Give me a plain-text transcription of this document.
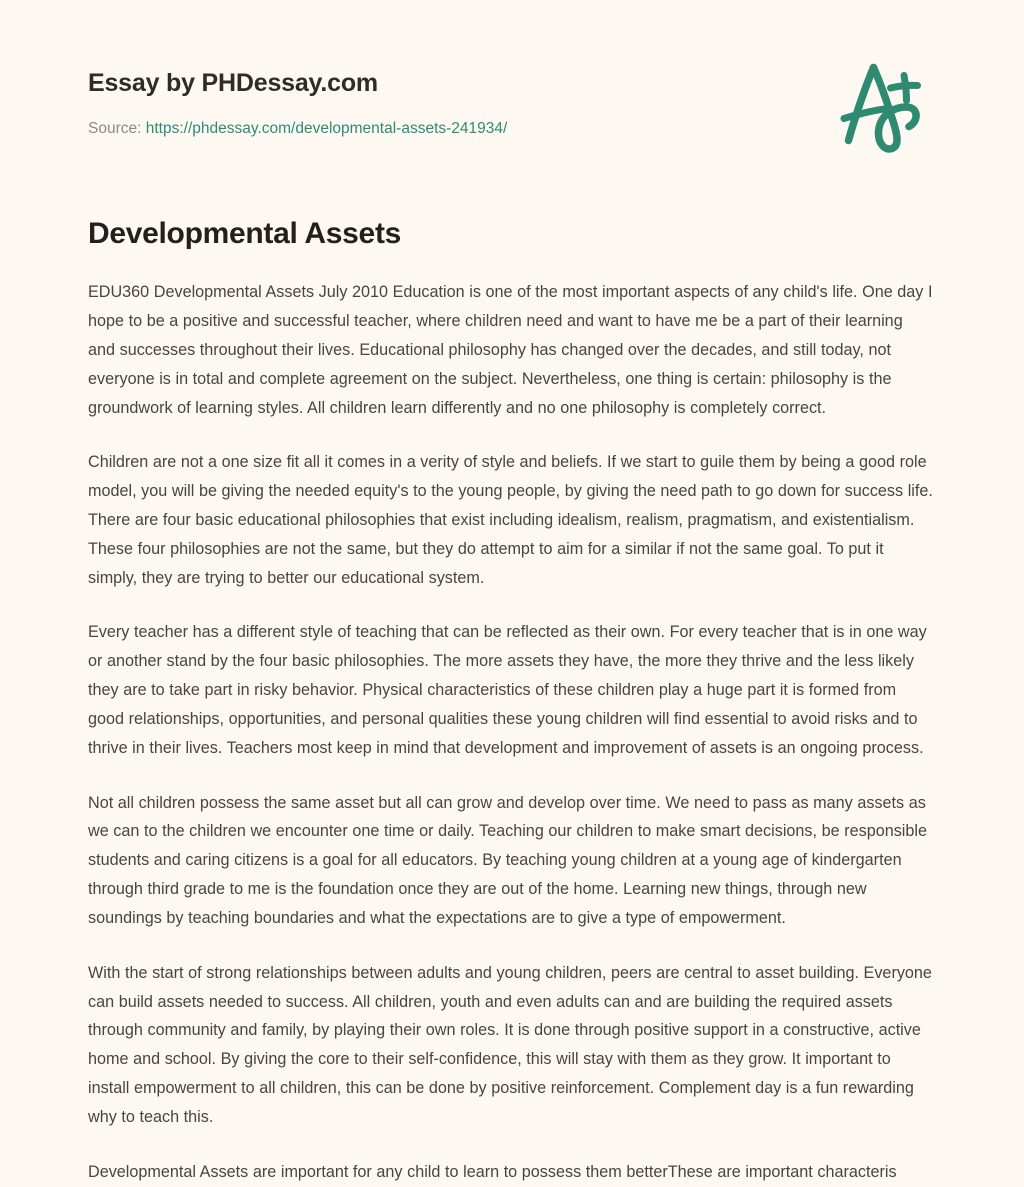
Essay by PHDessay.com
Source: https://phdessay.com/developmental-assets-241934/
Developmental Assets

EDU360 Developmental Assets July 2010 Education is one of the most important aspects of any child's life. One day I hope to be a positive and successful teacher, where children need and want to have me be a part of their learning and successes throughout their lives. Educational philosophy has changed over the decades, and still today, not everyone is in total and complete agreement on the subject. Nevertheless, one thing is certain: philosophy is the groundwork of learning styles. All children learn differently and no one philosophy is completely correct.

Children are not a one size fit all it comes in a verity of style and beliefs. If we start to guile them by being a good role model, you will be giving the needed equity's to the young people, by giving the need path to go down for success life. There are four basic educational philosophies that exist including idealism, realism, pragmatism, and existentialism. These four philosophies are not the same, but they do attempt to aim for a similar if not the same goal. To put it simply, they are trying to better our educational system.

Every teacher has a different style of teaching that can be reflected as their own. For every teacher that is in one way or another stand by the four basic philosophies. The more assets they have, the more they thrive and the less likely they are to take part in risky behavior. Physical characteristics of these children play a huge part it is formed from good relationships, opportunities, and personal qualities these young children will find essential to avoid risks and to thrive in their lives. Teachers most keep in mind that development and improvement of assets is an ongoing process.

Not all children possess the same asset but all can grow and develop over time. We need to pass as many assets as we can to the children we encounter one time or daily. Teaching our children to make smart decisions, be responsible students and caring citizens is a goal for all educators. By teaching young children at a young age of kindergarten through third grade to me is the foundation once they are out of the home. Learning new things, through new soundings by teaching boundaries and what the expectations are to give a type of empowerment.

With the start of strong relationships between adults and young children, peers are central to asset building. Everyone can build assets needed to success. All children, youth and even adults can and are building the required assets through community and family, by playing their own roles. It is done through positive support in a constructive, active home and school. By giving the core to their self-confidence, this will stay with them as they grow. It important to install empowerment to all children, this can be done by positive reinforcement. Complement day is a fun rewarding why to teach this.

Developmental Assets are important for any child to learn to possess them betterThese are important characteris
